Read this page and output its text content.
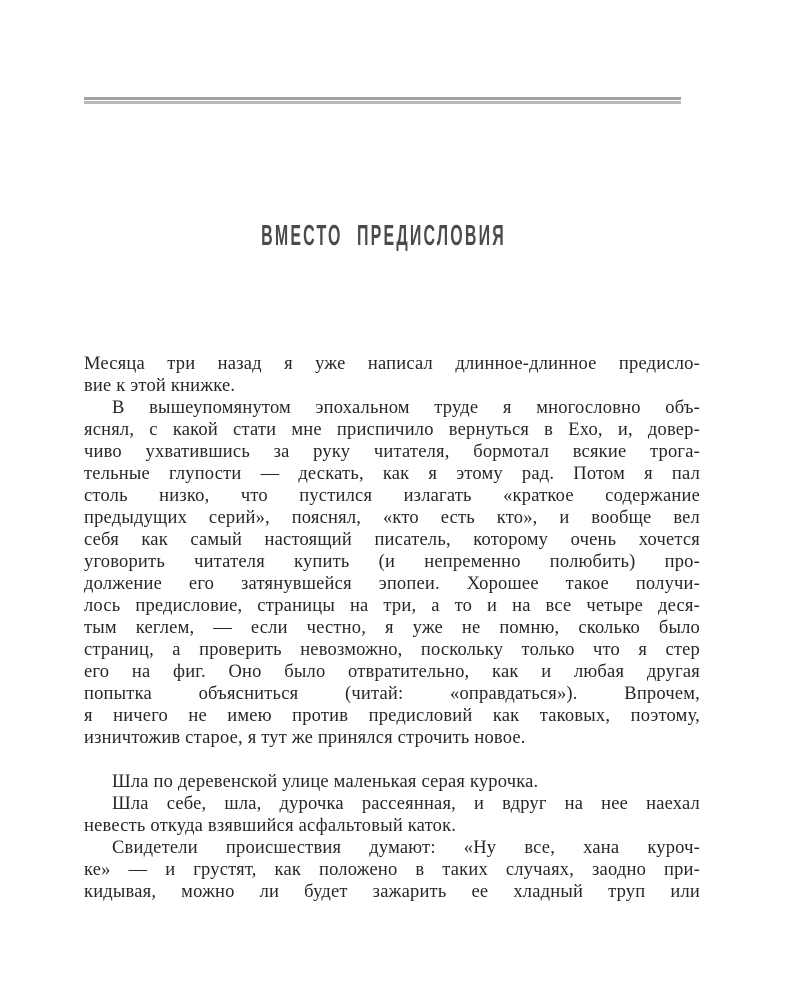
ВМЕСТО ПРЕДИСЛОВИЯ

Месяца три назад я уже написал длинное-длинное предисло-
вие к этой книжке.

В вышеупомянутом эпохальном труде я многословно объ-
яснял, с какой стати мне приспичило вернуться в Ехо, и, довер-
чиво ухватившись за руку читателя, бормотал всякие трога-
тельные глупости — дескать, как я этому рад. Потом я пал
столь низко, что пустился излагать «краткое содержание
предыдущих серий», пояснял, «кто есть кто», и вообще вел
себя как самый настоящий писатель, которому очень хочется
уговорить читателя купить (и непременно полюбить) про-
должение его затянувшейся эпопеи. Хорошее такое получи-
лось предисловие, страницы на три, а то и на все четыре деся-
тым кеглем, — если честно, я уже не помню, сколько было
страниц, а проверить невозможно, поскольку только что я стер
его на фиг. Оно было отвратительно, как и любая другая
попытка объясниться (читай: «оправдаться»). Впрочем,
я ничего не имею против предисловий как таковых, поэтому,
изничтожив старое, я тут же принялся строчить новое.

Шла по деревенской улице маленькая серая курочка.

Шла себе, шла, дурочка рассеянная, и вдруг на нее наехал
невесть откуда взявшийся асфальтовый каток.

Свидетели происшествия думают: «Ну все, хана куроч-
ке» — и грустят, как положено в таких случаях, заодно при-
кидывая, можно ли будет зажарить ее хладный труп или
